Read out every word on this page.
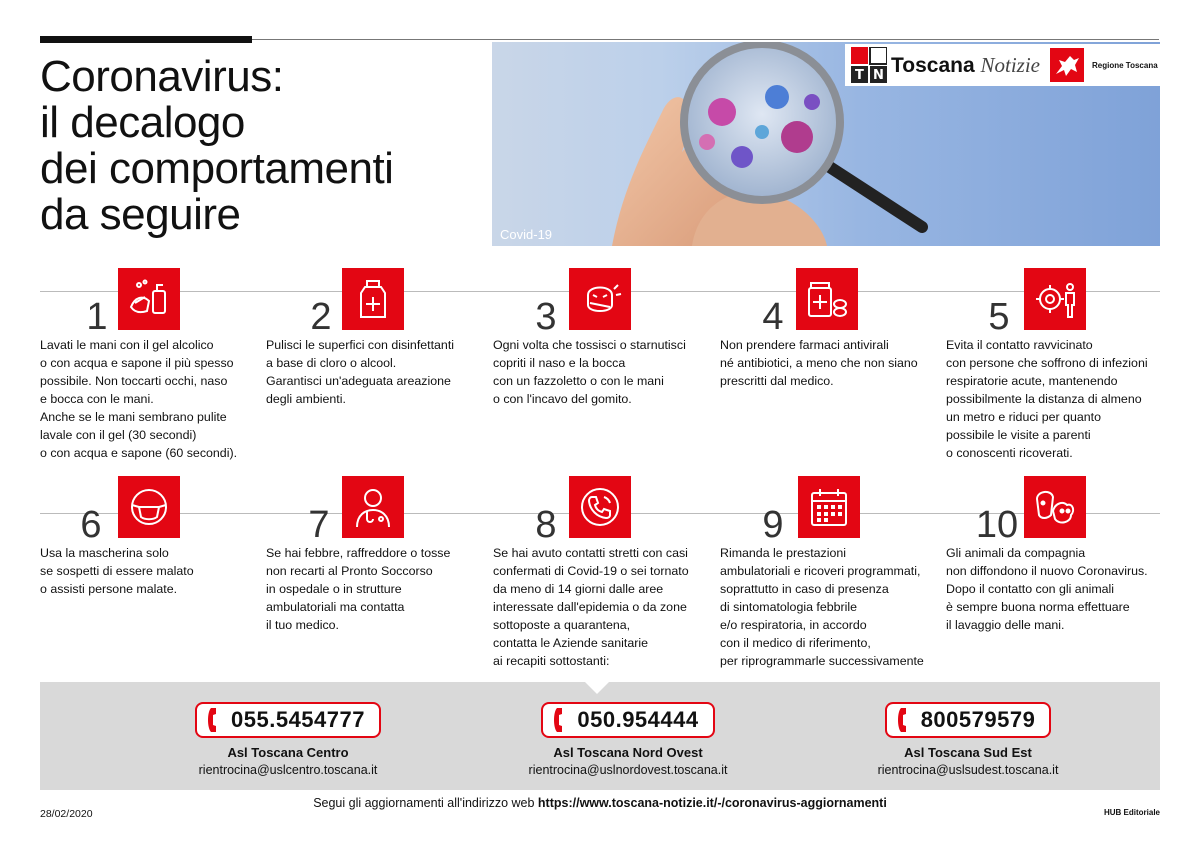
Coronavirus:
il decalogo
dei comportamenti
da seguire	Covid-19
T N Toscana Notizie	Regione Toscana
1
Lavati le mani con il gel alcolico
o con acqua e sapone il più spesso
possibile. Non toccarti occhi, naso
e bocca con le mani.
Anche se le mani sembrano pulite
lavale con il gel (30 secondi)
o con acqua e sapone (60 secondi).
2
Pulisci le superfici con disinfettanti
a base di cloro o alcool.
Garantisci un'adeguata areazione
degli ambienti.
3
Ogni volta che tossisci o starnutisci
copriti il naso e la bocca
con un fazzoletto o con le mani
o con l'incavo del gomito.
4
Non prendere farmaci antivirali
né antibiotici, a meno che non siano
prescritti dal medico.
5
Evita il contatto ravvicinato
con persone che soffrono di infezioni
respiratorie acute, mantenendo
possibilmente la distanza di almeno
un metro e riduci per quanto
possibile le visite a parenti
o conoscenti ricoverati.
6
Usa la mascherina solo
se sospetti di essere malato
o assisti persone malate.
7
Se hai febbre, raffreddore o tosse
non recarti al Pronto Soccorso
in ospedale o in strutture
ambulatoriali ma contatta
il tuo medico.
8
Se hai avuto contatti stretti con casi
confermati di Covid-19 o sei tornato
da meno di 14 giorni dalle aree
interessate dall'epidemia o da zone
sottoposte a quarantena,
contatta le Aziende sanitarie
ai recapiti sottostanti:
9
Rimanda le prestazioni
ambulatoriali e ricoveri programmati,
soprattutto in caso di presenza
di sintomatologia febbrile
e/o respiratoria, in accordo
con il medico di riferimento,
per riprogrammarle successivamente
10
Gli animali da compagnia
non diffondono il nuovo Coronavirus.
Dopo il contatto con gli animali
è sempre buona norma effettuare
il lavaggio delle mani.
055.5454777
Asl Toscana Centro
rientrocina@uslcentro.toscana.it
050.954444
Asl Toscana Nord Ovest
rientrocina@uslnordovest.toscana.it
800579579
Asl Toscana Sud Est
rientrocina@uslsudest.toscana.it
28/02/2020
Segui gli aggiornamenti all'indirizzo web https://www.toscana-notizie.it/-/coronavirus-aggiornamenti
HUB Editoriale
